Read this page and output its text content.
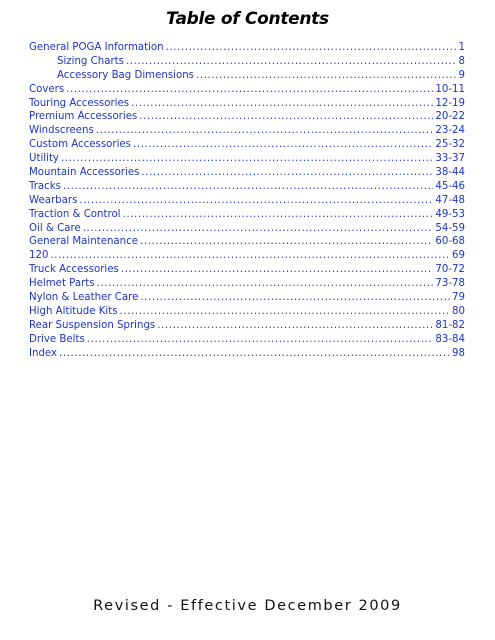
Table of Contents
General POGA Information .....	1
Sizing Charts .....	8
Accessory Bag Dimensions .....	9
Covers .....	10-11
Touring Accessories .....	12-19
Premium Accessories .....	20-22
Windscreens .....	23-24
Custom Accessories .....	25-32
Utility .....	33-37
Mountain Accessories .....	38-44
Tracks .....	45-46
Wearbars .....	47-48
Traction & Control .....	49-53
Oil & Care .....	54-59
General Maintenance .....	60-68
120 .....	69
Truck Accessories .....	70-72
Helmet Parts .....	73-78
Nylon & Leather Care .....	79
High Altitude Kits .....	80
Rear Suspension Springs .....	81-82
Drive Belts .....	83-84
Index .....	98
Revised - Effective December 2009
